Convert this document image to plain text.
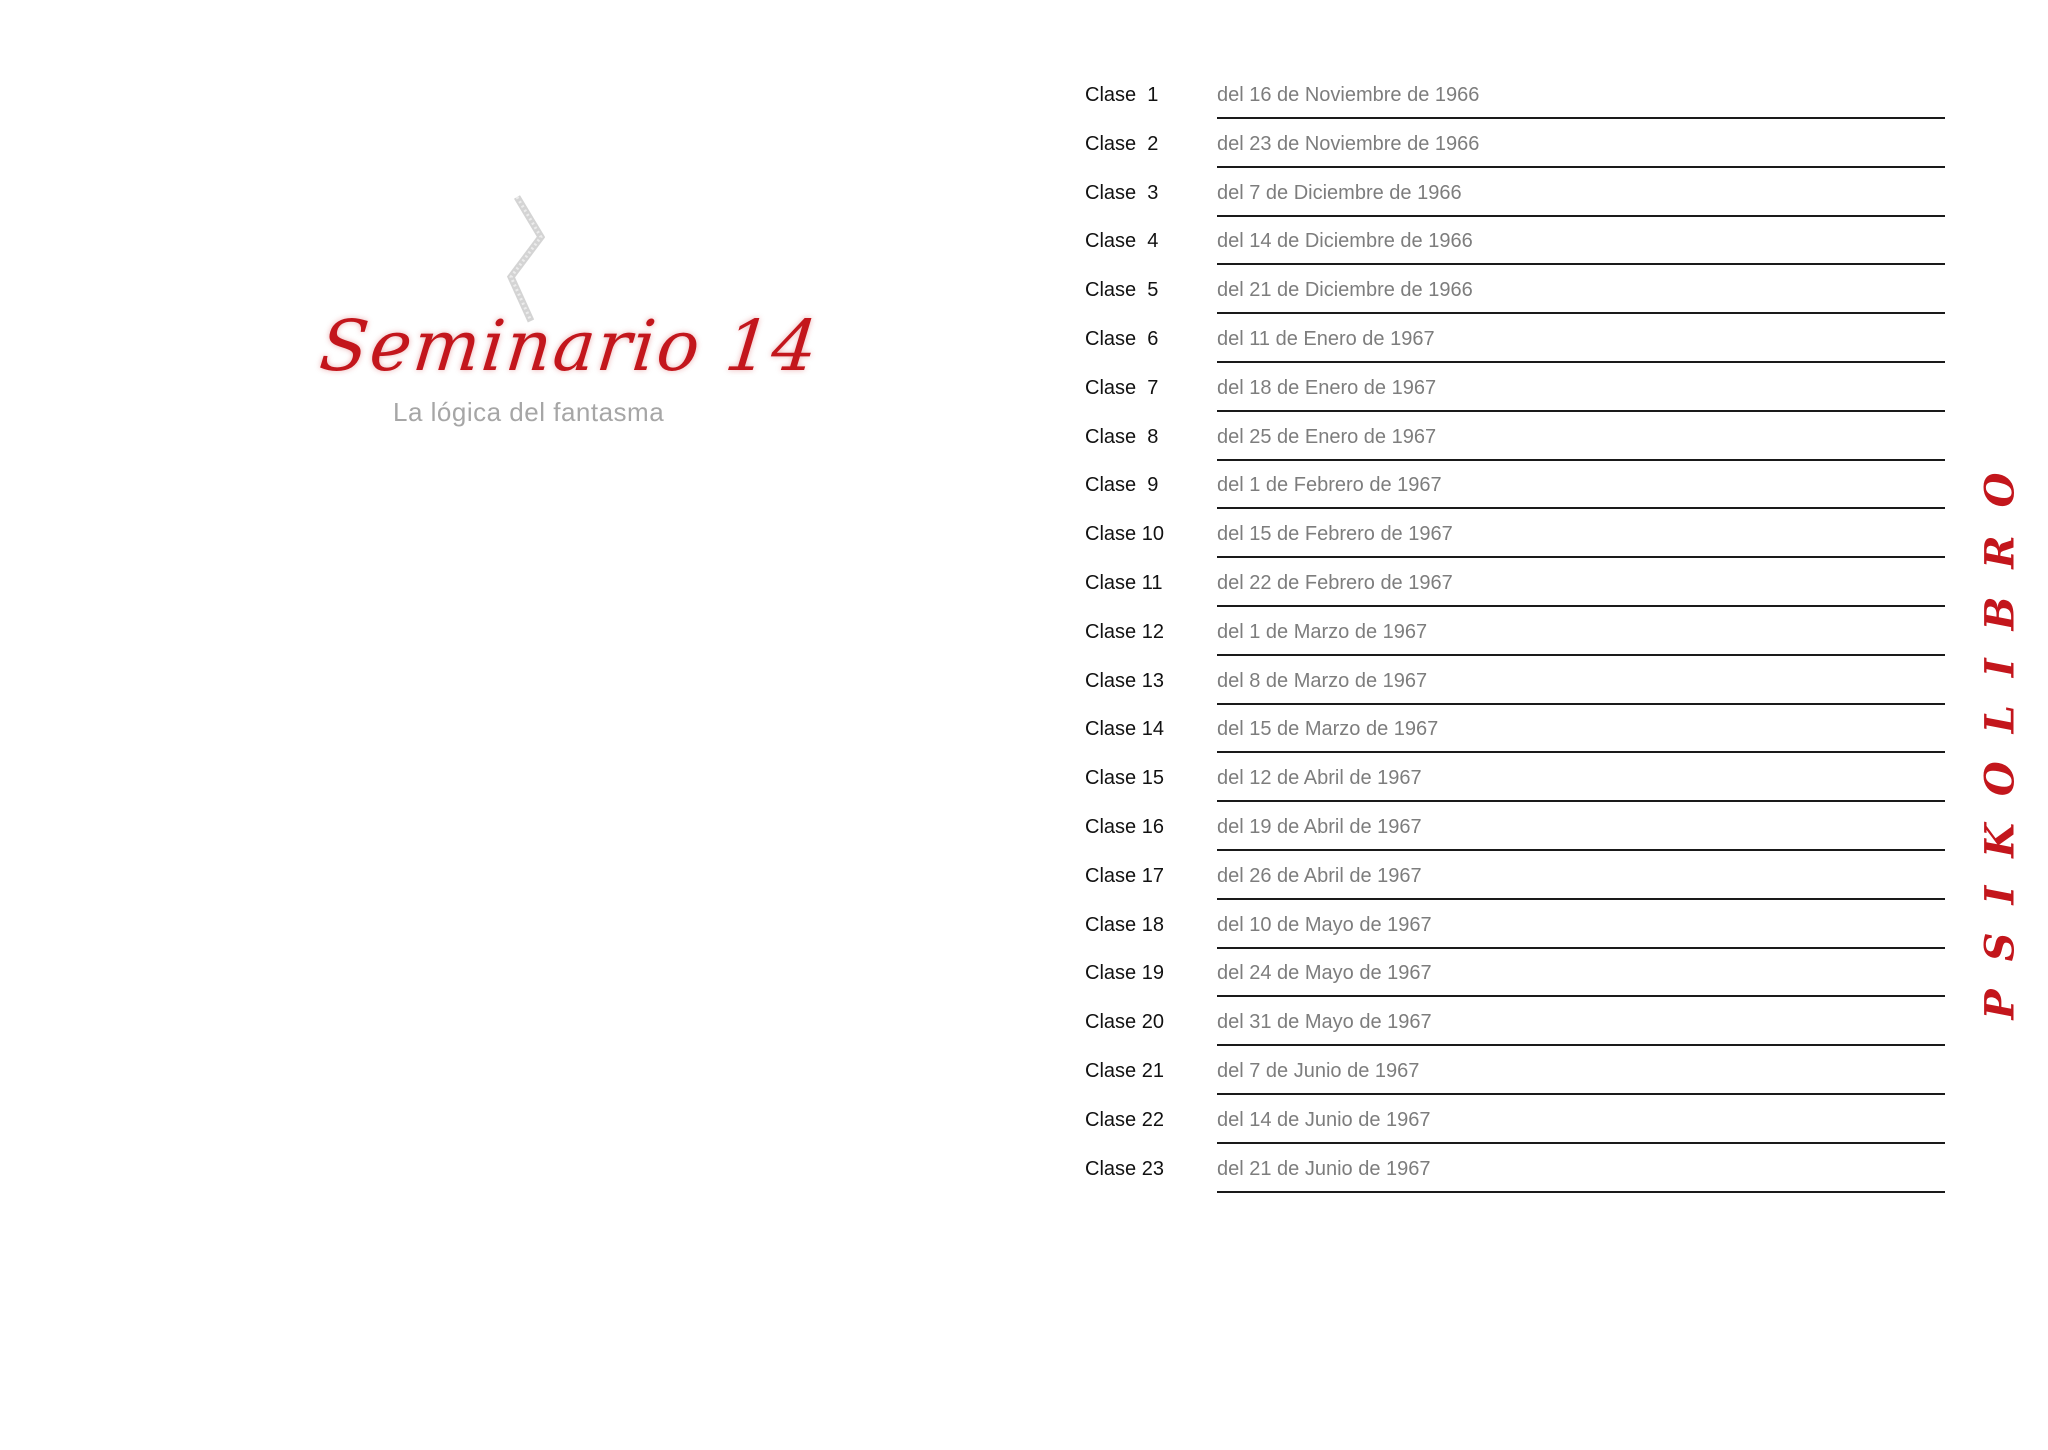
Seminario 14
La lógica del fantasma
Clase  1	del 16 de Noviembre de 1966
Clase  2	del 23 de Noviembre de 1966
Clase  3	del 7 de Diciembre de 1966
Clase  4	del 14 de Diciembre de 1966
Clase  5	del 21 de Diciembre de 1966
Clase  6	del 11 de Enero de 1967
Clase  7	del 18 de Enero de 1967
Clase  8	del 25 de Enero de 1967
Clase  9	del 1 de Febrero de 1967
Clase 10	del 15 de Febrero de 1967
Clase 11	del 22 de Febrero de 1967
Clase 12	del 1 de Marzo de 1967
Clase 13	del 8 de Marzo de 1967
Clase 14	del 15 de Marzo de 1967
Clase 15	del 12 de Abril de 1967
Clase 16	del 19 de Abril de 1967
Clase 17	del 26 de Abril de 1967
Clase 18	del 10 de Mayo de 1967
Clase 19	del 24 de Mayo de 1967
Clase 20	del 31 de Mayo de 1967
Clase 21	del 7 de Junio de 1967
Clase 22	del 14 de Junio de 1967
Clase 23	del 21 de Junio de 1967
PSIKOLIBRO
